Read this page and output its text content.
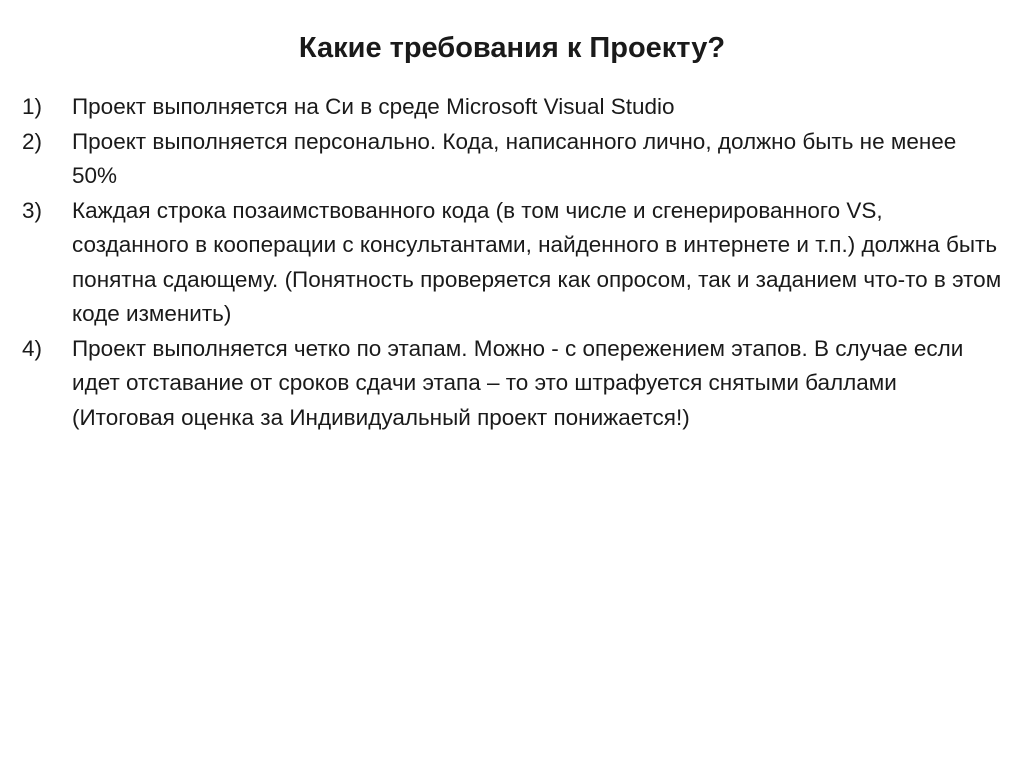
Какие требования к Проекту?
1)	Проект выполняется на Си в среде Microsoft Visual Studio
2)	Проект выполняется персонально. Кода, написанного лично, должно быть не менее 50%
3)	Каждая строка позаимствованного кода (в том числе и сгенерированного VS, созданного в кооперации с консультантами, найденного в интернете и т.п.) должна быть понятна сдающему. (Понятность проверяется как опросом, так и заданием что-то в этом коде изменить)
4)	Проект выполняется четко по этапам. Можно - с опережением этапов. В случае если идет отставание от сроков сдачи этапа – то это штрафуется снятыми баллами (Итоговая оценка за Индивидуальный проект понижается!)
